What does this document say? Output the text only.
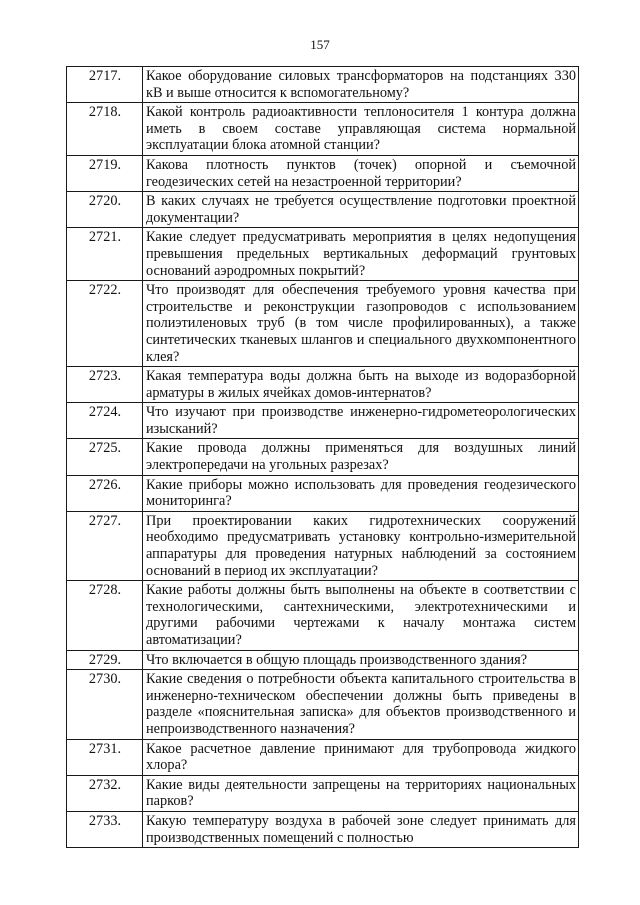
157
2717.	Какое оборудование силовых трансформаторов на подстанциях 330 кВ и выше относится к вспомогательному?
2718.	Какой контроль радиоактивности теплоносителя 1 контура должна иметь в своем составе управляющая система нормальной эксплуатации блока атомной станции?
2719.	Какова плотность пунктов (точек) опорной и съемочной геодезических сетей на незастроенной территории?
2720.	В каких случаях не требуется осуществление подготовки проектной документации?
2721.	Какие следует предусматривать мероприятия в целях недопущения превышения предельных вертикальных деформаций грунтовых оснований аэродромных покрытий?
2722.	Что производят для обеспечения требуемого уровня качества при строительстве и реконструкции газопроводов с использованием полиэтиленовых труб (в том числе профилированных), а также синтетических тканевых шлангов и специального двухкомпонентного клея?
2723.	Какая температура воды должна быть на выходе из водоразборной арматуры в жилых ячейках домов-интернатов?
2724.	Что изучают при производстве инженерно-гидрометеорологических изысканий?
2725.	Какие провода должны применяться для воздушных линий электропередачи на угольных разрезах?
2726.	Какие приборы можно использовать для проведения геодезического мониторинга?
2727.	При проектировании каких гидротехнических сооружений необходимо предусматривать установку контрольно-измерительной аппаратуры для проведения натурных наблюдений за состоянием оснований в период их эксплуатации?
2728.	Какие работы должны быть выполнены на объекте в соответствии с технологическими, сантехническими, электротехническими и другими рабочими чертежами к началу монтажа систем автоматизации?
2729.	Что включается в общую площадь производственного здания?
2730.	Какие сведения о потребности объекта капитального строительства в инженерно-техническом обеспечении должны быть приведены в разделе «пояснительная записка» для объектов производственного и непроизводственного назначения?
2731.	Какое расчетное давление принимают для трубопровода жидкого хлора?
2732.	Какие виды деятельности запрещены на территориях национальных парков?
2733.	Какую температуру воздуха в рабочей зоне следует принимать для производственных помещений с полностью
